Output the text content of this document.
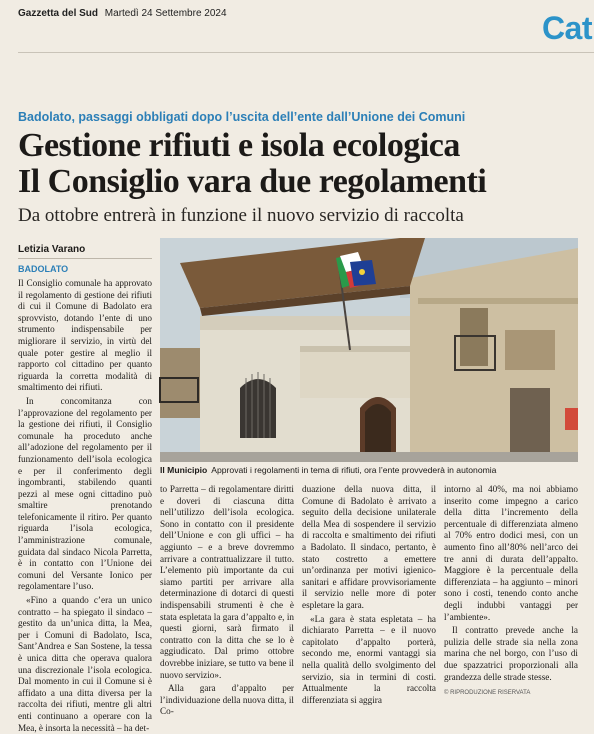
Gazzetta del Sud Martedì 24 Settembre 2024	Cat
Badolato, passaggi obbligati dopo l’uscita dell’ente dall’Unione dei Comuni
Gestione rifiuti e isola ecologica
Il Consiglio vara due regolamenti
Da ottobre entrerà in funzione il nuovo servizio di raccolta
Letizia Varano
BADOLATO

Il Consiglio comunale ha approvato il regolamento di gestione dei rifiuti di cui il Comune di Badolato era sprovvisto, dotando l’ente di uno strumento indispensabile per migliorare il servizio, in virtù del quale poter gestire al meglio il rapporto col cittadino per quanto riguarda la corretta modalità di smaltimento dei rifiuti.

In concomitanza con l’approvazione del regolamento per la gestione dei rifiuti, il Consiglio comunale ha proceduto anche all’adozione del regolamento per il funzionamento dell’isola ecologica e per il conferimento degli ingombranti, stabilendo quanti pezzi al mese ogni cittadino può smaltire prenotando telefonicamente il ritiro. Per quanto riguarda l’isola ecologica, l’amministrazione comunale, guidata dal sindaco Nicola Parretta, è in contatto con l’Unione dei comuni del Versante Ionico per regolamentare l’uso.

«Fino a quando c’era un unico contratto – ha spiegato il sindaco – gestito da un’unica ditta, la Mea, per i Comuni di Badolato, Isca, Sant’Andrea e San Sostene, la tessa è unica ditta che operava qualora una discrezionale l’isola ecologica. Dal momento in cui il Comune si è affidato a una ditta diversa per la raccolta dei rifiuti, mentre gli altri enti continuano a operare con la Mea, è insorta la necessità – ha det-

Il Municipio Approvati i regolamenti in tema di rifiuti, ora l’ente provvederà in autonomia

to Parretta – di regolamentare diritti e doveri di ciascuna ditta nell’utilizzo dell’isola ecologica. Sono in contatto con il presidente dell’Unione e con gli uffici – ha aggiunto – e a breve dovremmo arrivare a contrattualizzare il tutto. L’elemento più importante da cui siamo partiti per arrivare alla determinazione di dotarci di questi indispensabili strumenti è che è stata espletata la gara d’appalto e, in questi giorni, sarà firmato il contratto con la ditta che se lo è aggiudicato. Dal primo ottobre dovrebbe iniziare, se tutto va bene il nuovo servizio».

Alla gara d’appalto per l’individuazione della nuova ditta, il Co-

duazione della nuova ditta, il Comune di Badolato è arrivato a seguito della decisione unilaterale della Mea di sospendere il servizio di raccolta e smaltimento dei rifiuti a Badolato. Il sindaco, pertanto, è stato costretto a emettere un’ordinanza per motivi igienico-sanitari e affidare provvisoriamente il servizio nelle more di poter espletare la gara.

«La gara è stata espletata – ha dichiarato Parretta – e il nuovo capitolato d’appalto porterà, secondo me, enormi vantaggi sia nella qualità dello svolgimento del servizio, sia in termini di costi. Attualmente la raccolta differenziata si aggira

intorno al 40%, ma noi abbiamo inserito come impegno a carico della ditta l’incremento della percentuale di differenziata almeno al 70% entro dodici mesi, con un aumento fino all’80% nell’arco dei tre anni di durata dell’appalto. Maggiore è la percentuale della differenziata – ha aggiunto – minori sono i costi, tenendo conto anche degli indubbi vantaggi per l’ambiente».

Il contratto prevede anche la pulizia delle strade sia nella zona marina che nel borgo, con l’uso di due spazzatrici proporzionali alla grandezza delle strade stesse.

© RIPRODUZIONE RISERVATA
